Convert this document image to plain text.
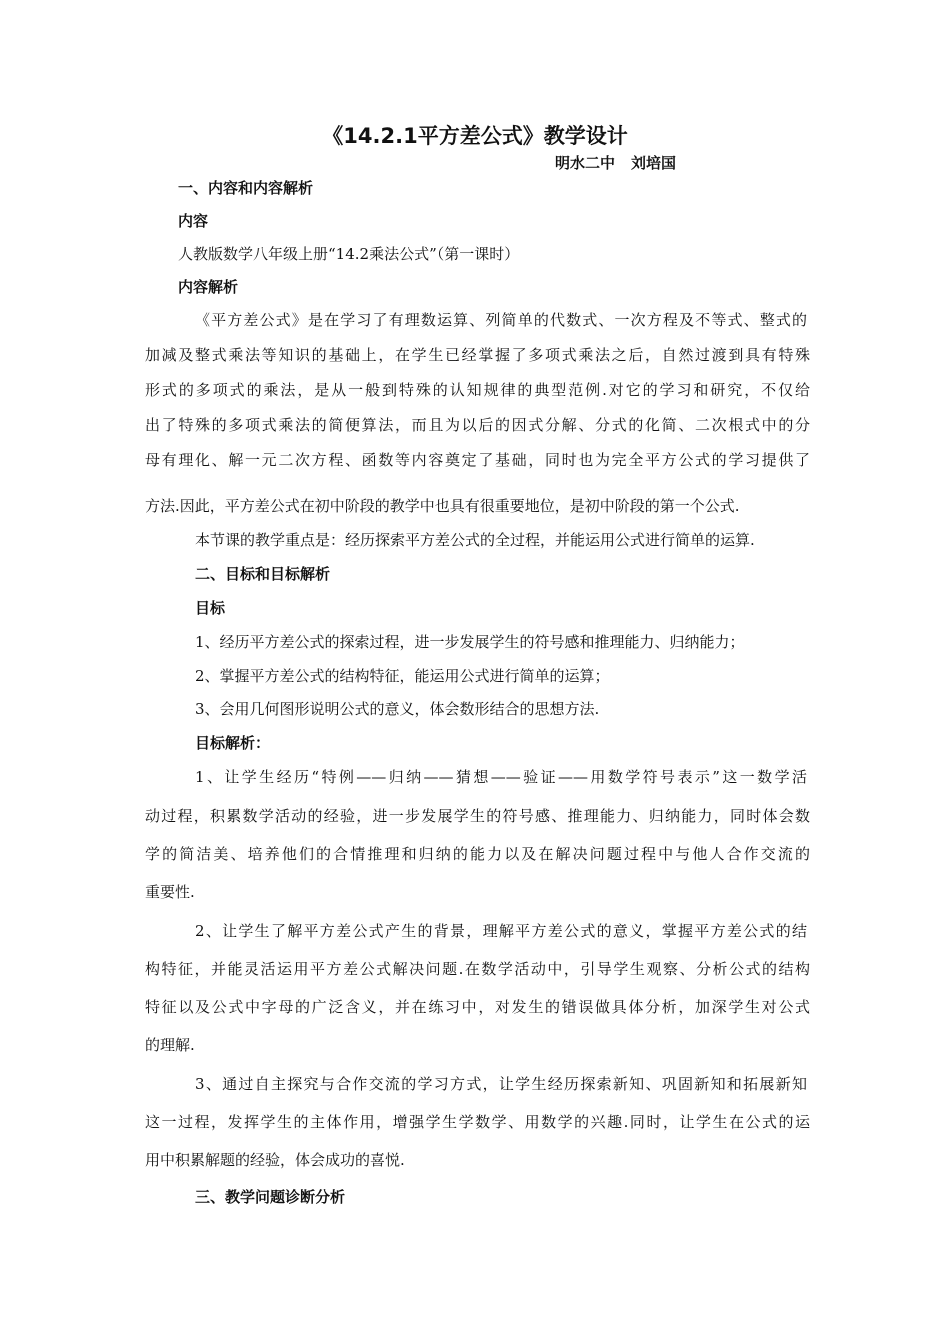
《14.2.1平方差公式》教学设计
明水二中 刘培国
一、内容和内容解析
内容
人教版数学八年级上册“14.2乘法公式”（第一课时）
内容解析
《平方差公式》是在学习了有理数运算、列简单的代数式、一次方程及不等式、整式的
加减及整式乘法等知识的基础上，在学生已经掌握了多项式乘法之后，自然过渡到具有特殊
形式的多项式的乘法，是从一般到特殊的认知规律的典型范例.对它的学习和研究，不仅给
出了特殊的多项式乘法的简便算法，而且为以后的因式分解、分式的化简、二次根式中的分
母有理化、解一元二次方程、函数等内容奠定了基础，同时也为完全平方公式的学习提供了
方法.因此，平方差公式在初中阶段的教学中也具有很重要地位，是初中阶段的第一个公式.
本节课的教学重点是：经历探索平方差公式的全过程，并能运用公式进行简单的运算.
二、目标和目标解析
目标
1、经历平方差公式的探索过程，进一步发展学生的符号感和推理能力、归纳能力；
2、掌握平方差公式的结构特征，能运用公式进行简单的运算；
3、会用几何图形说明公式的意义，体会数形结合的思想方法.
目标解析：
1、让学生经历“特例——归纳——猜想——验证——用数学符号表示”这一数学活
动过程，积累数学活动的经验，进一步发展学生的符号感、推理能力、归纳能力，同时体会数
学的简洁美、培养他们的合情推理和归纳的能力以及在解决问题过程中与他人合作交流的
重要性.
2、让学生了解平方差公式产生的背景，理解平方差公式的意义，掌握平方差公式的结
构特征，并能灵活运用平方差公式解决问题.在数学活动中，引导学生观察、分析公式的结构
特征以及公式中字母的广泛含义，并在练习中，对发生的错误做具体分析，加深学生对公式
的理解.
3、通过自主探究与合作交流的学习方式，让学生经历探索新知、巩固新知和拓展新知
这一过程，发挥学生的主体作用，增强学生学数学、用数学的兴趣.同时，让学生在公式的运
用中积累解题的经验，体会成功的喜悦.
三、教学问题诊断分析
